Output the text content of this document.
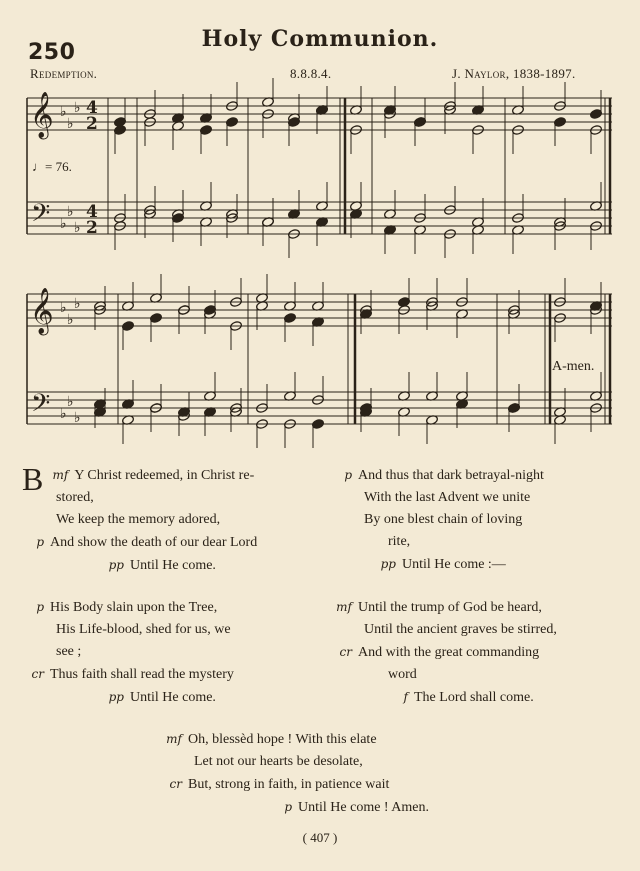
250
Holy Communion.
Redemption.	8.8.8.4.	J. Naylor, 1838-1897.
𝄞
𝄞
𝄢
𝄢
♭
♭
♭ 4
2
♭
♭
♭
4
2
♭
♭
♭
♭
♭
♭
♩= 76.
A-men.
mf
B Y Christ redeemed, in Christ re-
stored,
We keep the memory adored,
p And show the death of our dear Lord
pp Until He come.
p His Body slain upon the Tree,
His Life-blood, shed for us, we
see ;
cr Thus faith shall read the mystery
pp Until He come.
p And thus that dark betrayal-night
With the last Advent we unite
By one blest chain of loving
rite,
pp Until He come :—
mf Until the trump of God be heard,
Until the ancient graves be stirred,
cr And with the great commanding
word
f The Lord shall come.
mf Oh, blessèd hope ! With this elate
Let not our hearts be desolate,
cr But, strong in faith, in patience wait
p Until He come ! Amen.
( 407 )
